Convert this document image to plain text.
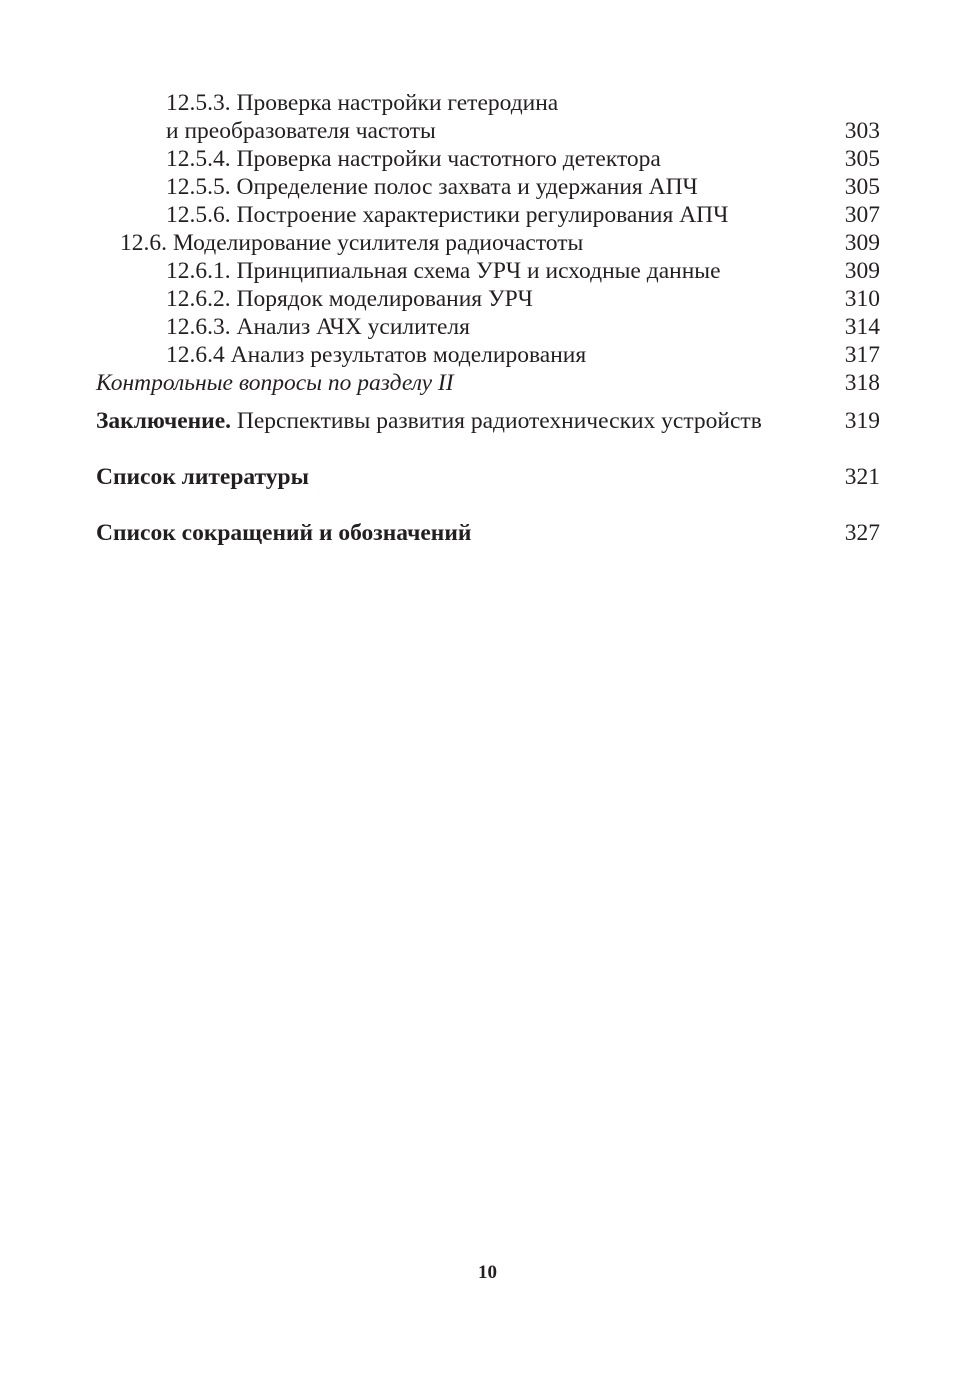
12.5.3. Проверка настройки гетеродина
и преобразователя частоты	303
12.5.4. Проверка настройки частотного детектора	305
12.5.5. Определение полос захвата и удержания АПЧ	305
12.5.6. Построение характеристики регулирования АПЧ	307
12.6. Моделирование усилителя радиочастоты	309
12.6.1. Принципиальная схема УРЧ и исходные данные	309
12.6.2. Порядок моделирования УРЧ	310
12.6.3. Анализ АЧХ усилителя	314
12.6.4 Анализ результатов моделирования	317
Контрольные вопросы по разделу II	318
Заключение. Перспективы развития радиотехнических устройств	319
Список литературы	321
Список сокращений и обозначений	327
10
